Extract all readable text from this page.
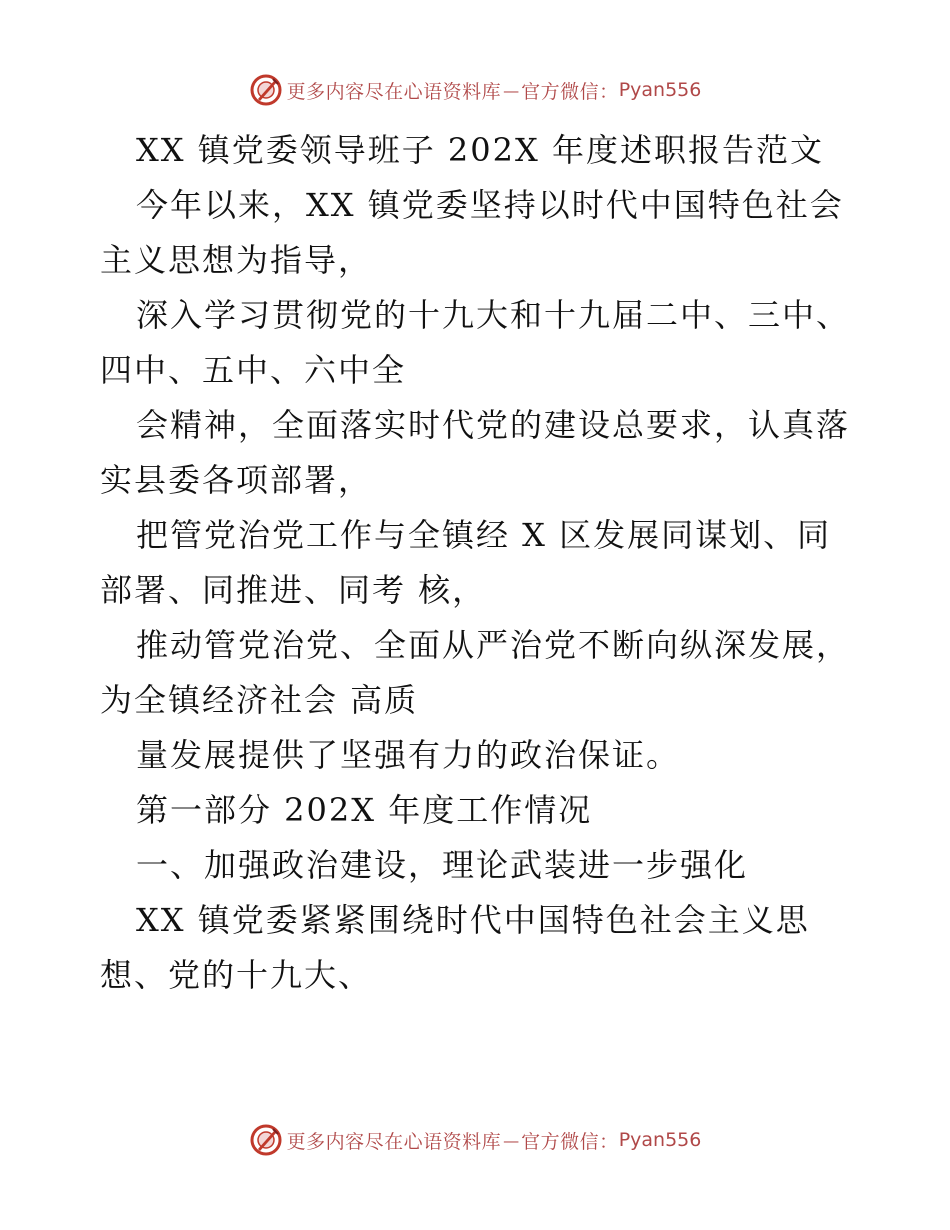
更多内容尽在心语资料库 — 官方微信： Pyan556
XX 镇党委领导班子 202X 年度述职报告范文
今年以来，XX 镇党委坚持以时代中国特色社会
主义思想为指导，
深入学习贯彻党的十九大和十九届二中、三中、
四中、五中、六中全
会精神，全面落实时代党的建设总要求，认真落
实县委各项部署，
把管党治党工作与全镇经 X 区发展同谋划、同
部署、同推进、同考 核，
推动管党治党、全面从严治党不断向纵深发展，
为全镇经济社会 高质
量发展提供了坚强有力的政治保证。
第一部分 202X 年度工作情况
一、加强政治建设，理论武装进一步强化
XX 镇党委紧紧围绕时代中国特色社会主义思
想、党的十九大、
更多内容尽在心语资料库 — 官方微信： Pyan556
